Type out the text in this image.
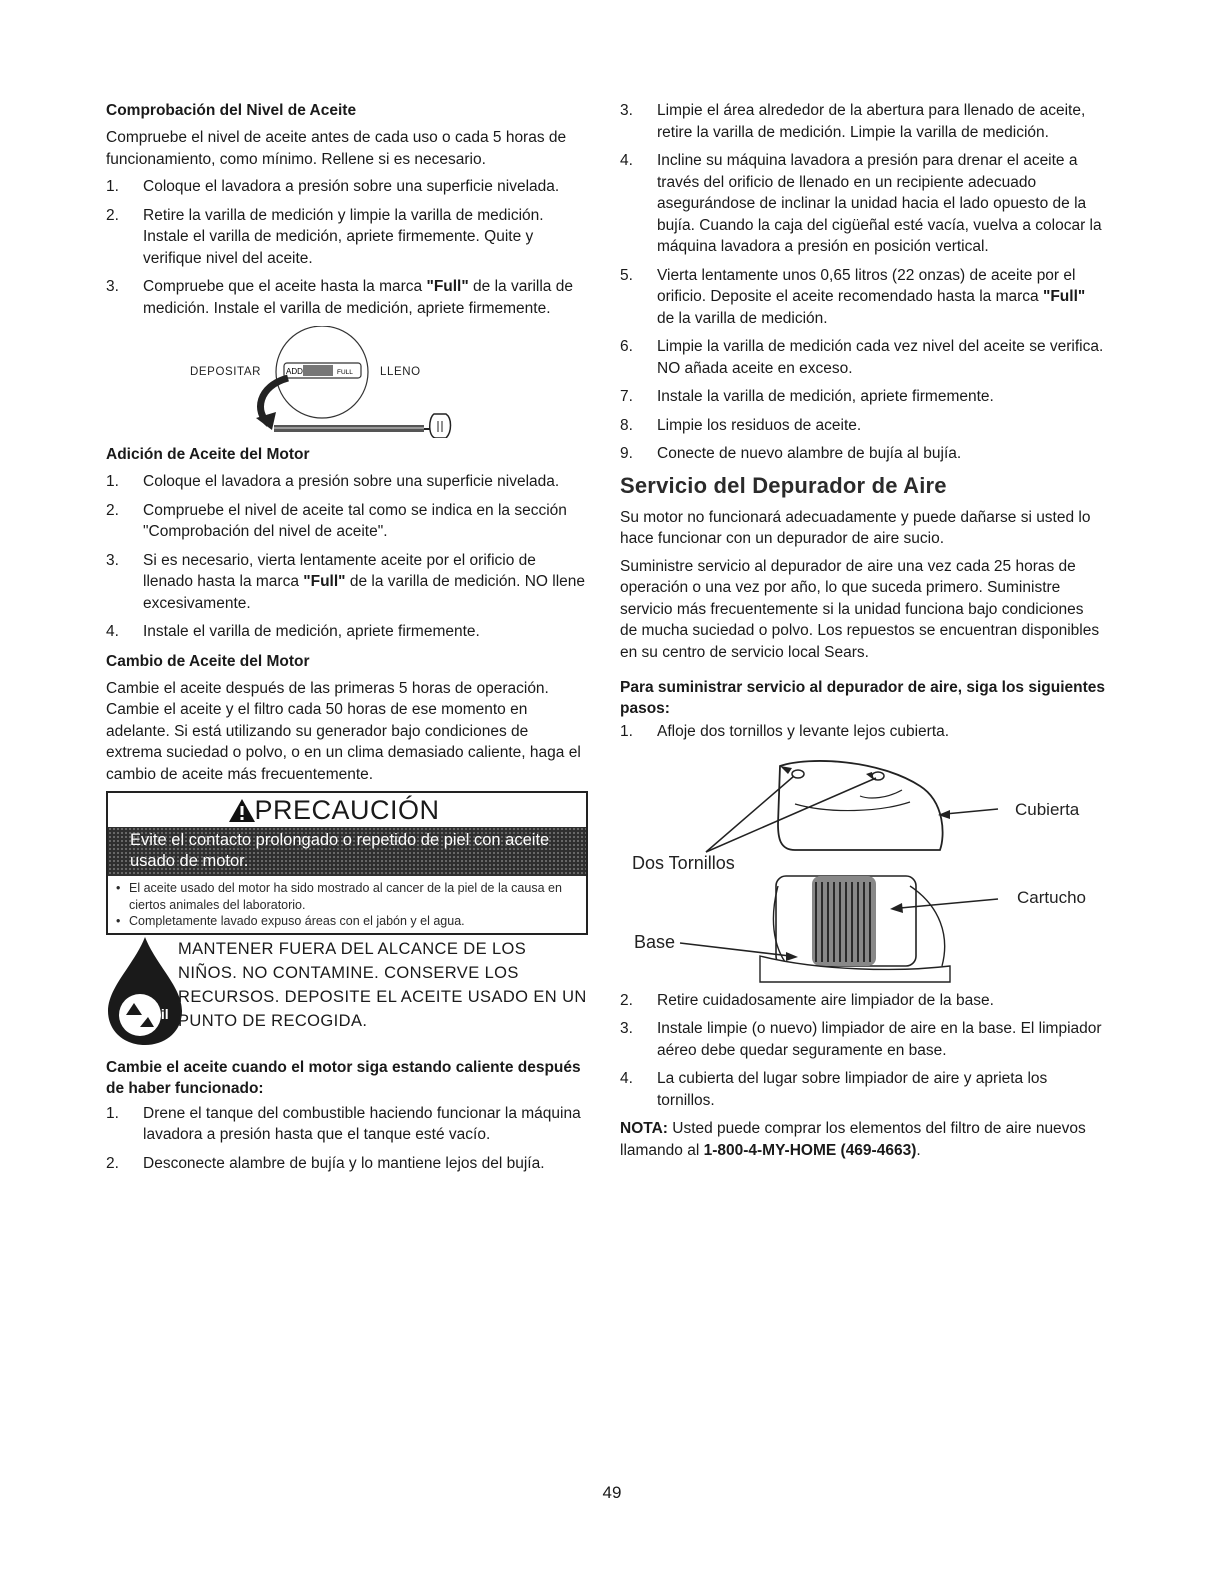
Comprobación del Nivel de Aceite
Compruebe el nivel de aceite antes de cada uso o cada 5 horas de funcionamiento, como mínimo. Rellene si es necesario.
1. Coloque el lavadora a presión sobre una superficie nivelada.
2. Retire la varilla de medición y limpie la varilla de medición. Instale el varilla de medición, apriete firmemente. Quite y verifique nivel del aceite.
3. Compruebe que el aceite hasta la marca "Full" de la varilla de medición. Instale el varilla de medición, apriete firmemente.
DEPOSITAR	LLENO
ADD	FULL
Adición de Aceite del Motor
1. Coloque el lavadora a presión sobre una superficie nivelada.
2. Compruebe el nivel de aceite tal como se indica en la sección "Comprobación del nivel de aceite".
3. Si es necesario, vierta lentamente aceite por el orificio de llenado hasta la marca "Full" de la varilla de medición. NO llene excesivamente.
4. Instale el varilla de medición, apriete firmemente.
Cambio de Aceite del Motor
Cambie el aceite después de las primeras 5 horas de operación. Cambie el aceite y el filtro cada 50 horas de ese momento en adelante. Si está utilizando su generador bajo condiciones de extrema suciedad o polvo, o en un clima demasiado caliente, haga el cambio de aceite más frecuentemente.
PRECAUCIÓN
Evite el contacto prolongado o repetido de piel con aceite usado de motor.
• El aceite usado del motor ha sido mostrado al cancer de la piel de la causa en ciertos animales del laboratorio.
• Completamente lavado expuso áreas con el jabón y el agua.
Oil
MANTENER FUERA DEL ALCANCE DE LOS NIÑOS. NO CONTAMINE. CONSERVE LOS RECURSOS. DEPOSITE EL ACEITE USADO EN UN PUNTO DE RECOGIDA.
Cambie el aceite cuando el motor siga estando caliente después de haber funcionado:
1. Drene el tanque del combustible haciendo funcionar la máquina lavadora a presión hasta que el tanque esté vacío.
2. Desconecte alambre de bujía y lo mantiene lejos del bujía.
3. Limpie el área alrededor de la abertura para llenado de aceite, retire la varilla de medición. Limpie la varilla de medición.
4. Incline su máquina lavadora a presión para drenar el aceite a través del orificio de llenado en un recipiente adecuado asegurándose de inclinar la unidad hacia el lado opuesto de la bujía. Cuando la caja del cigüeñal esté vacía, vuelva a colocar la máquina lavadora a presión en posición vertical.
5. Vierta lentamente unos 0,65 litros (22 onzas) de aceite por el orificio. Deposite el aceite recomendado hasta la marca "Full" de la varilla de medición.
6. Limpie la varilla de medición cada vez nivel del aceite se verifica. NO añada aceite en exceso.
7. Instale la varilla de medición, apriete firmemente.
8. Limpie los residuos de aceite.
9. Conecte de nuevo alambre de bujía al bujía.
Servicio del Depurador de Aire
Su motor no funcionará adecuadamente y puede dañarse si usted lo hace funcionar con un depurador de aire sucio.
Suministre servicio al depurador de aire una vez cada 25 horas de operación o una vez por año, lo que suceda primero. Suministre servicio más frecuentemente si la unidad funciona bajo condiciones de mucha suciedad o polvo. Los repuestos se encuentran disponibles en su centro de servicio local Sears.
Para suministrar servicio al depurador de aire, siga los siguientes pasos:
1. Afloje dos tornillos y levante lejos cubierta.
Cubierta
Dos Tornillos
Cartucho
Base
2. Retire cuidadosamente aire limpiador de la base.
3. Instale limpie (o nuevo) limpiador de aire en la base. El limpiador aéreo debe quedar seguramente en base.
4. La cubierta del lugar sobre limpiador de aire y aprieta los tornillos.
NOTA: Usted puede comprar los elementos del filtro de aire nuevos llamando al 1-800-4-MY-HOME (469-4663).
49
